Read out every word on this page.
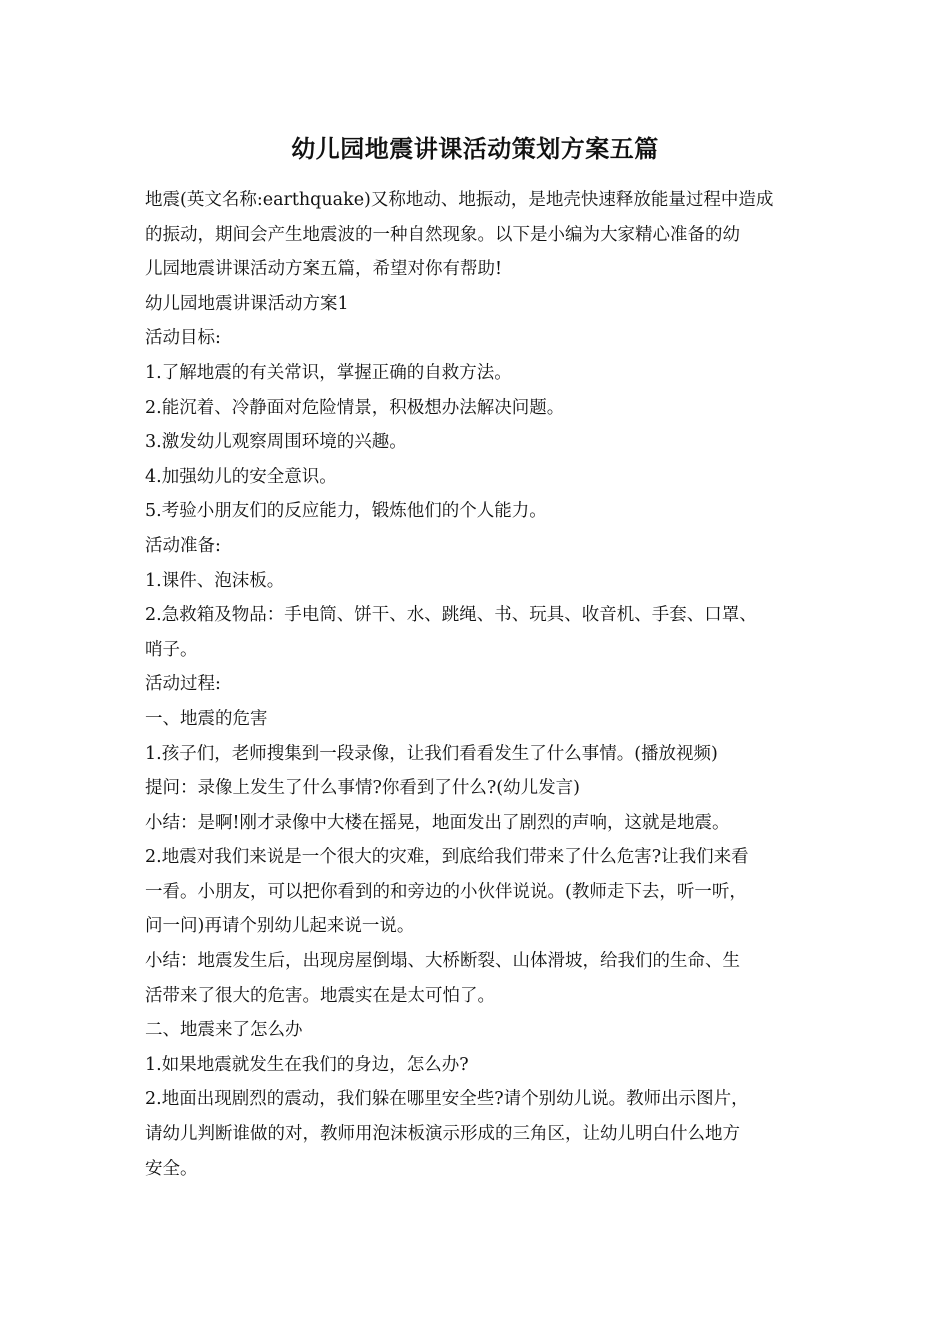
幼儿园地震讲课活动策划方案五篇
地震(英文名称:earthquake)又称地动、地振动，是地壳快速释放能量过程中造成
的振动，期间会产生地震波的一种自然现象。以下是小编为大家精心准备的幼
儿园地震讲课活动方案五篇，希望对你有帮助!
幼儿园地震讲课活动方案1
活动目标:
1.了解地震的有关常识，掌握正确的自救方法。
2.能沉着、冷静面对危险情景，积极想办法解决问题。
3.激发幼儿观察周围环境的兴趣。
4.加强幼儿的安全意识。
5.考验小朋友们的反应能力，锻炼他们的个人能力。
活动准备:
1.课件、泡沫板。
2.急救箱及物品：手电筒、饼干、水、跳绳、书、玩具、收音机、手套、口罩、
哨子。
活动过程:
一、地震的危害
1.孩子们，老师搜集到一段录像，让我们看看发生了什么事情。(播放视频)
提问：录像上发生了什么事情?你看到了什么?(幼儿发言)
小结：是啊!刚才录像中大楼在摇晃，地面发出了剧烈的声响，这就是地震。
2.地震对我们来说是一个很大的灾难，到底给我们带来了什么危害?让我们来看
一看。小朋友，可以把你看到的和旁边的小伙伴说说。(教师走下去，听一听，
问一问)再请个别幼儿起来说一说。
小结：地震发生后，出现房屋倒塌、大桥断裂、山体滑坡，给我们的生命、生
活带来了很大的危害。地震实在是太可怕了。
二、地震来了怎么办
1.如果地震就发生在我们的身边，怎么办?
2.地面出现剧烈的震动，我们躲在哪里安全些?请个别幼儿说。教师出示图片，
请幼儿判断谁做的对，教师用泡沫板演示形成的三角区，让幼儿明白什么地方
安全。
